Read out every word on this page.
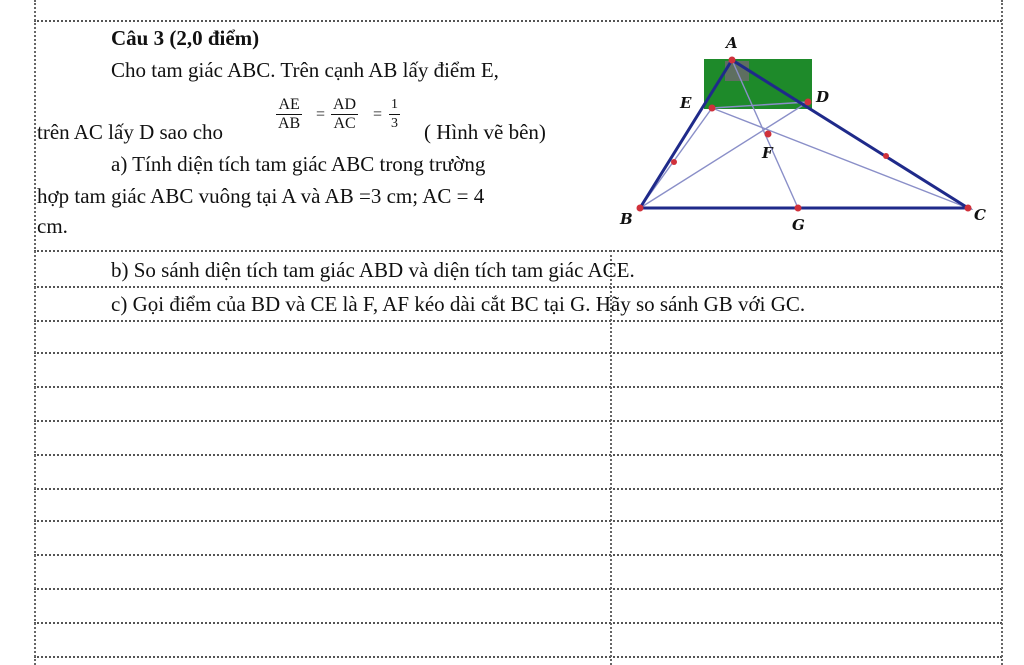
Câu 3 (2,0 điểm)
Cho tam giác ABC. Trên cạnh AB lấy điểm E,
trên AC lấy D sao cho	$\frac{AE}{AB} = \frac{AD}{AC} = \frac{1}{3}$ ( Hình vẽ bên)
a) Tính diện tích tam giác ABC trong trường
hợp tam giác ABC vuông tại A và AB =3 cm; AC = 4
cm.
b) So sánh diện tích tam giác ABD và diện tích tam giác ACE.
c) Gọi điểm của BD và CE là F, AF kéo dài cắt BC tại G. Hãy so sánh GB với GC.
A
E	D
F
B	C
G
